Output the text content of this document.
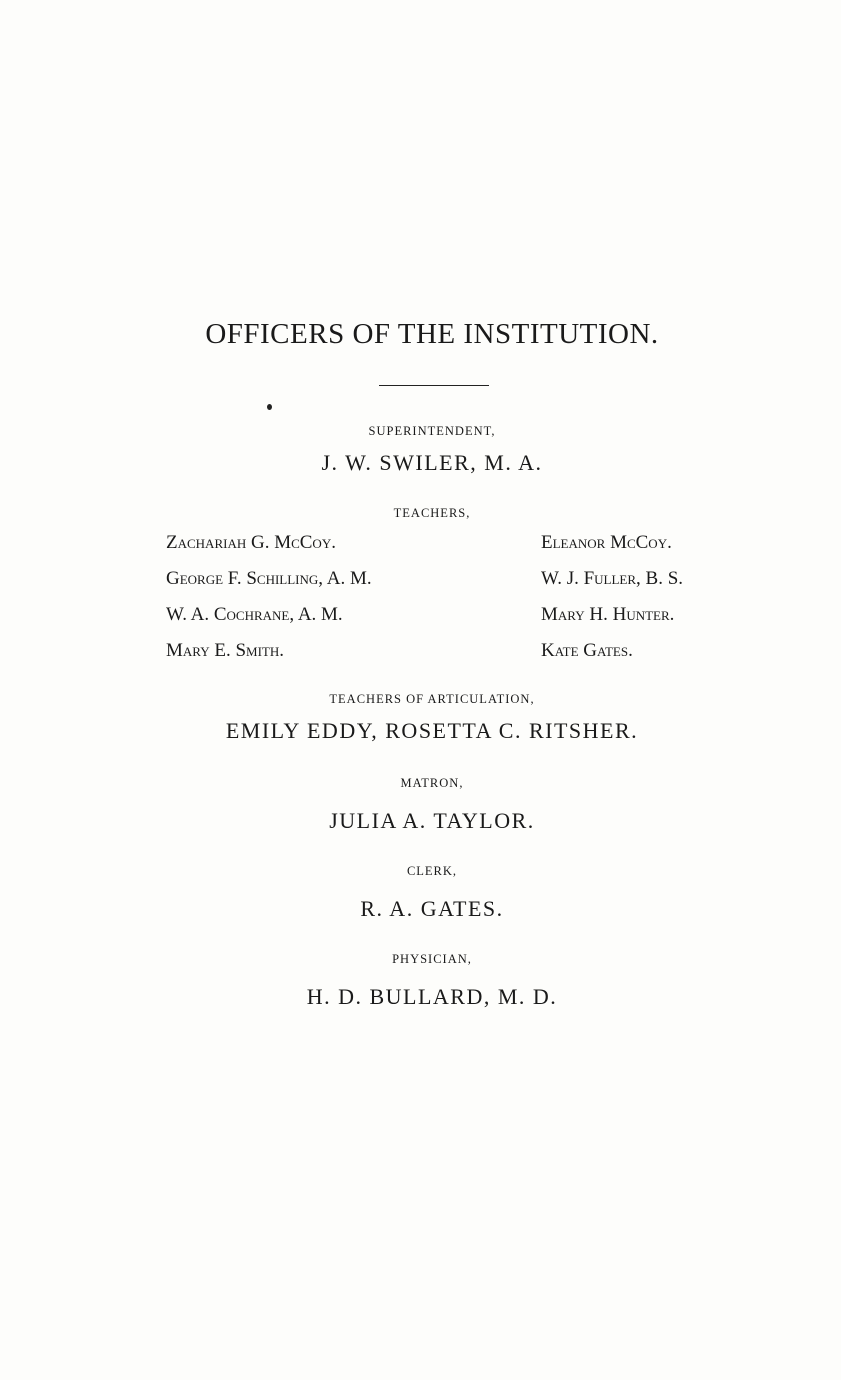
OFFICERS OF THE INSTITUTION.
SUPERINTENDENT,
J. W. SWILER, M. A.
TEACHERS,
Zachariah G. McCoy.
George F. Schilling, A. M.
W. A. Cochrane, A. M.
Mary E. Smith.
Eleanor McCoy.
W. J. Fuller, B. S.
Mary H. Hunter.
Kate Gates.
TEACHERS OF ARTICULATION,
EMILY EDDY, ROSETTA C. RITSHER.
MATRON,
JULIA A. TAYLOR.
CLERK,
R. A. GATES.
PHYSICIAN,
H. D. BULLARD, M. D.
